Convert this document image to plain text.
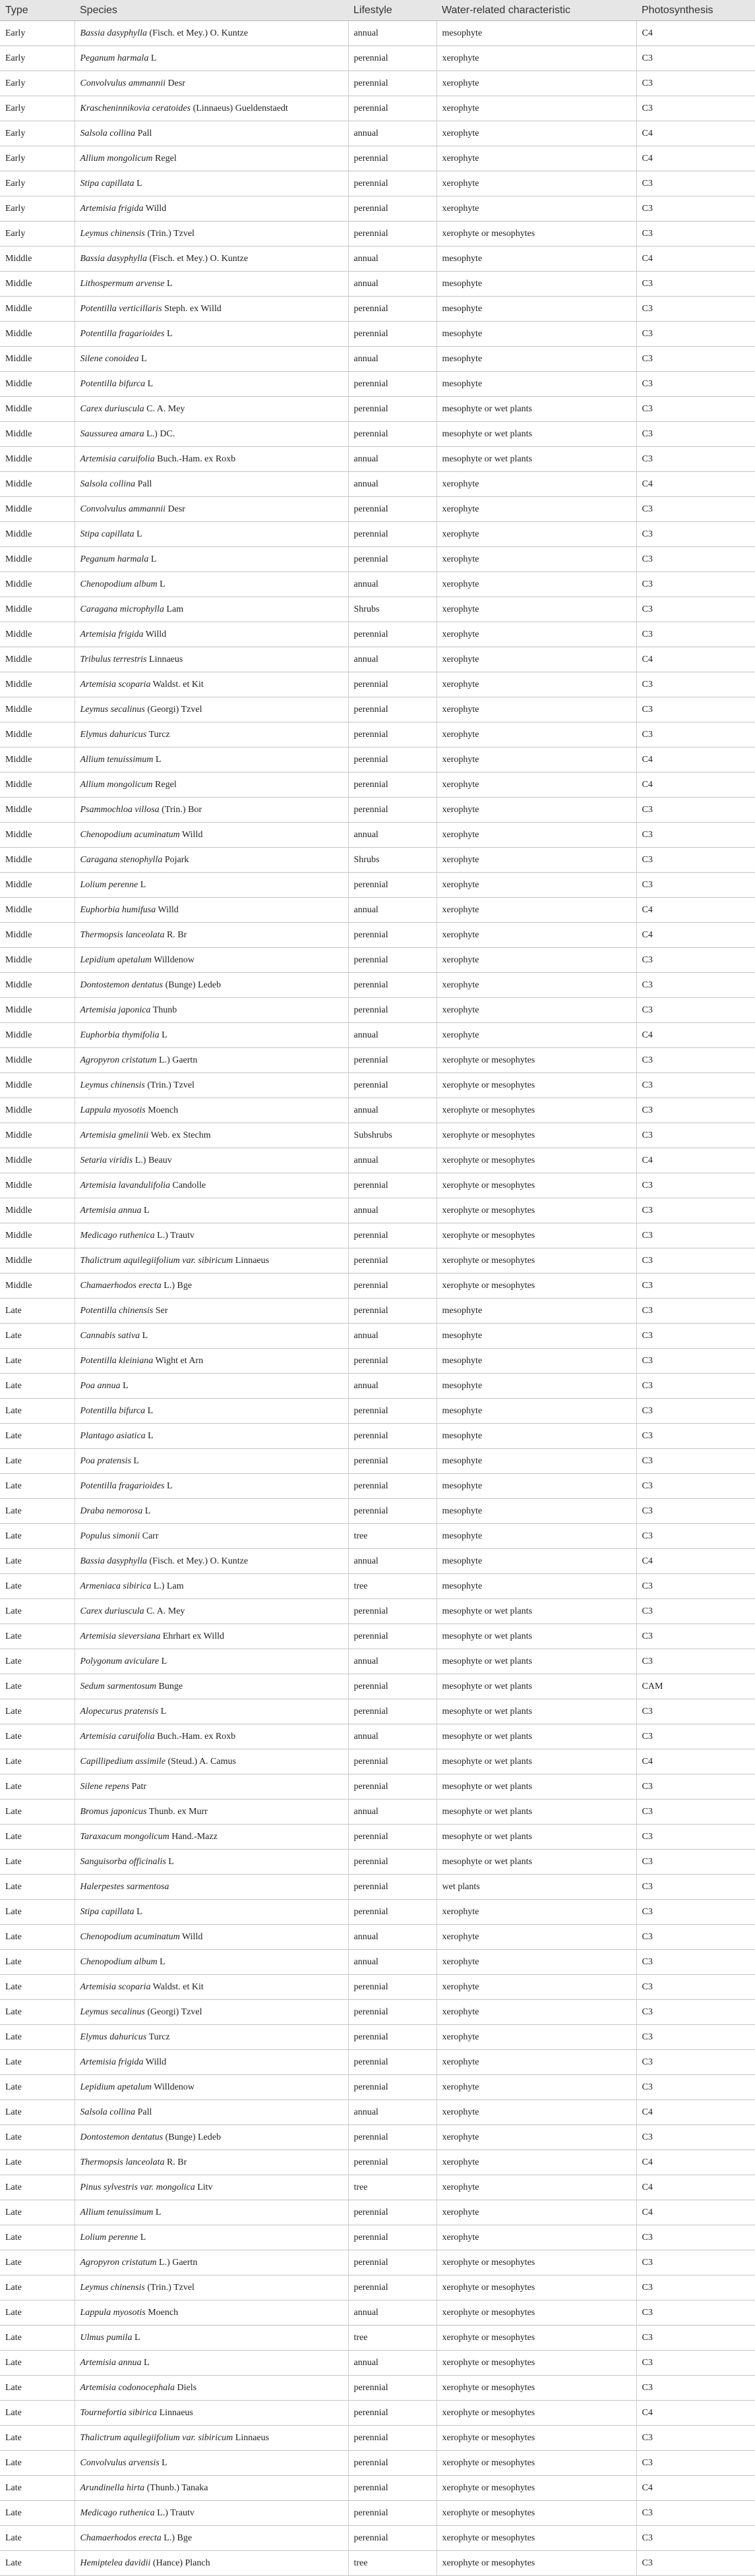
Type	Species	Lifestyle	Water-related characteristic	Photosynthesis
Early	Bassia dasyphylla (Fisch. et Mey.) O. Kuntze	annual	mesophyte	C4
Early	Peganum harmala L	perennial	xerophyte	C3
Early	Convolvulus ammannii Desr	perennial	xerophyte	C3
Early	Krascheninnikovia ceratoides (Linnaeus) Gueldenstaedt	perennial	xerophyte	C3
Early	Salsola collina Pall	annual	xerophyte	C4
Early	Allium mongolicum Regel	perennial	xerophyte	C4
Early	Stipa capillata L	perennial	xerophyte	C3
Early	Artemisia frigida Willd	perennial	xerophyte	C3
Early	Leymus chinensis (Trin.) Tzvel	perennial	xerophyte or mesophytes	C3
Middle	Bassia dasyphylla (Fisch. et Mey.) O. Kuntze	annual	mesophyte	C4
Middle	Lithospermum arvense L	annual	mesophyte	C3
Middle	Potentilla verticillaris Steph. ex Willd	perennial	mesophyte	C3
Middle	Potentilla fragarioides L	perennial	mesophyte	C3
Middle	Silene conoidea L	annual	mesophyte	C3
Middle	Potentilla bifurca L	perennial	mesophyte	C3
Middle	Carex duriuscula C. A. Mey	perennial	mesophyte or wet plants	C3
Middle	Saussurea amara L.) DC.	perennial	mesophyte or wet plants	C3
Middle	Artemisia caruifolia Buch.-Ham. ex Roxb	annual	mesophyte or wet plants	C3
Middle	Salsola collina Pall	annual	xerophyte	C4
Middle	Convolvulus ammannii Desr	perennial	xerophyte	C3
Middle	Stipa capillata L	perennial	xerophyte	C3
Middle	Peganum harmala L	perennial	xerophyte	C3
Middle	Chenopodium album L	annual	xerophyte	C3
Middle	Caragana microphylla Lam	Shrubs	xerophyte	C3
Middle	Artemisia frigida Willd	perennial	xerophyte	C3
Middle	Tribulus terrestris Linnaeus	annual	xerophyte	C4
Middle	Artemisia scoparia Waldst. et Kit	perennial	xerophyte	C3
Middle	Leymus secalinus (Georgi) Tzvel	perennial	xerophyte	C3
Middle	Elymus dahuricus Turcz	perennial	xerophyte	C3
Middle	Allium tenuissimum L	perennial	xerophyte	C4
Middle	Allium mongolicum Regel	perennial	xerophyte	C4
Middle	Psammochloa villosa (Trin.) Bor	perennial	xerophyte	C3
Middle	Chenopodium acuminatum Willd	annual	xerophyte	C3
Middle	Caragana stenophylla Pojark	Shrubs	xerophyte	C3
Middle	Lolium perenne L	perennial	xerophyte	C3
Middle	Euphorbia humifusa Willd	annual	xerophyte	C4
Middle	Thermopsis lanceolata R. Br	perennial	xerophyte	C4
Middle	Lepidium apetalum Willdenow	perennial	xerophyte	C3
Middle	Dontostemon dentatus (Bunge) Ledeb	perennial	xerophyte	C3
Middle	Artemisia japonica Thunb	perennial	xerophyte	C3
Middle	Euphorbia thymifolia L	annual	xerophyte	C4
Middle	Agropyron cristatum L.) Gaertn	perennial	xerophyte or mesophytes	C3
Middle	Leymus chinensis (Trin.) Tzvel	perennial	xerophyte or mesophytes	C3
Middle	Lappula myosotis Moench	annual	xerophyte or mesophytes	C3
Middle	Artemisia gmelinii Web. ex Stechm	Subshrubs	xerophyte or mesophytes	C3
Middle	Setaria viridis L.) Beauv	annual	xerophyte or mesophytes	C4
Middle	Artemisia lavandulifolia Candolle	perennial	xerophyte or mesophytes	C3
Middle	Artemisia annua L	annual	xerophyte or mesophytes	C3
Middle	Medicago ruthenica L.) Trautv	perennial	xerophyte or mesophytes	C3
Middle	Thalictrum aquilegiifolium var. sibiricum Linnaeus	perennial	xerophyte or mesophytes	C3
Middle	Chamaerhodos erecta L.) Bge	perennial	xerophyte or mesophytes	C3
Late	Potentilla chinensis Ser	perennial	mesophyte	C3
Late	Cannabis sativa L	annual	mesophyte	C3
Late	Potentilla kleiniana Wight et Arn	perennial	mesophyte	C3
Late	Poa annua L	annual	mesophyte	C3
Late	Potentilla bifurca L	perennial	mesophyte	C3
Late	Plantago asiatica L	perennial	mesophyte	C3
Late	Poa pratensis L	perennial	mesophyte	C3
Late	Potentilla fragarioides L	perennial	mesophyte	C3
Late	Draba nemorosa L	perennial	mesophyte	C3
Late	Populus simonii Carr	tree	mesophyte	C3
Late	Bassia dasyphylla (Fisch. et Mey.) O. Kuntze	annual	mesophyte	C4
Late	Armeniaca sibirica L.) Lam	tree	mesophyte	C3
Late	Carex duriuscula C. A. Mey	perennial	mesophyte or wet plants	C3
Late	Artemisia sieversiana Ehrhart ex Willd	perennial	mesophyte or wet plants	C3
Late	Polygonum aviculare L	annual	mesophyte or wet plants	C3
Late	Sedum sarmentosum Bunge	perennial	mesophyte or wet plants	CAM
Late	Alopecurus pratensis L	perennial	mesophyte or wet plants	C3
Late	Artemisia caruifolia Buch.-Ham. ex Roxb	annual	mesophyte or wet plants	C3
Late	Capillipedium assimile (Steud.) A. Camus	perennial	mesophyte or wet plants	C4
Late	Silene repens Patr	perennial	mesophyte or wet plants	C3
Late	Bromus japonicus Thunb. ex Murr	annual	mesophyte or wet plants	C3
Late	Taraxacum mongolicum Hand.-Mazz	perennial	mesophyte or wet plants	C3
Late	Sanguisorba officinalis L	perennial	mesophyte or wet plants	C3
Late	Halerpestes sarmentosa	perennial	wet plants	C3
Late	Stipa capillata L	perennial	xerophyte	C3
Late	Chenopodium acuminatum Willd	annual	xerophyte	C3
Late	Chenopodium album L	annual	xerophyte	C3
Late	Artemisia scoparia Waldst. et Kit	perennial	xerophyte	C3
Late	Leymus secalinus (Georgi) Tzvel	perennial	xerophyte	C3
Late	Elymus dahuricus Turcz	perennial	xerophyte	C3
Late	Artemisia frigida Willd	perennial	xerophyte	C3
Late	Lepidium apetalum Willdenow	perennial	xerophyte	C3
Late	Salsola collina Pall	annual	xerophyte	C4
Late	Dontostemon dentatus (Bunge) Ledeb	perennial	xerophyte	C3
Late	Thermopsis lanceolata R. Br	perennial	xerophyte	C4
Late	Pinus sylvestris var. mongolica Litv	tree	xerophyte	C4
Late	Allium tenuissimum L	perennial	xerophyte	C4
Late	Lolium perenne L	perennial	xerophyte	C3
Late	Agropyron cristatum L.) Gaertn	perennial	xerophyte or mesophytes	C3
Late	Leymus chinensis (Trin.) Tzvel	perennial	xerophyte or mesophytes	C3
Late	Lappula myosotis Moench	annual	xerophyte or mesophytes	C3
Late	Ulmus pumila L	tree	xerophyte or mesophytes	C3
Late	Artemisia annua L	annual	xerophyte or mesophytes	C3
Late	Artemisia codonocephala Diels	perennial	xerophyte or mesophytes	C3
Late	Tournefortia sibirica Linnaeus	perennial	xerophyte or mesophytes	C4
Late	Thalictrum aquilegiifolium var. sibiricum Linnaeus	perennial	xerophyte or mesophytes	C3
Late	Convolvulus arvensis L	perennial	xerophyte or mesophytes	C3
Late	Arundinella hirta (Thunb.) Tanaka	perennial	xerophyte or mesophytes	C4
Late	Medicago ruthenica L.) Trautv	perennial	xerophyte or mesophytes	C3
Late	Chamaerhodos erecta L.) Bge	perennial	xerophyte or mesophytes	C3
Late	Hemiptelea davidii (Hance) Planch	tree	xerophyte or mesophytes	C3
